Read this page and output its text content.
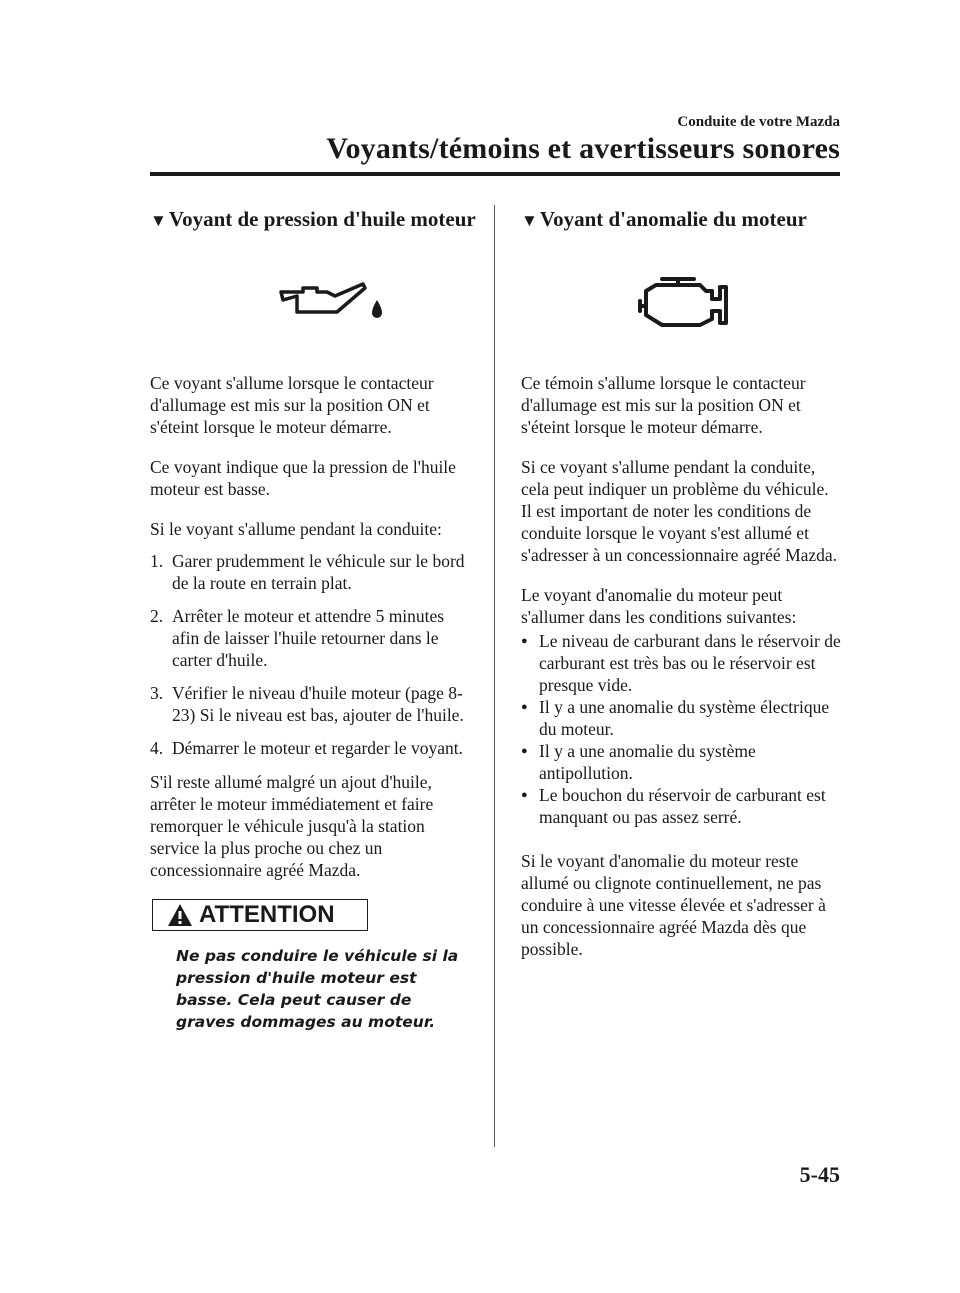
Conduite de votre Mazda
Voyants/témoins et avertisseurs sonores
▼Voyant de pression d'huile moteur

Ce voyant s'allume lorsque le contacteur d'allumage est mis sur la position ON et s'éteint lorsque le moteur démarre.

Ce voyant indique que la pression de l'huile moteur est basse.

Si le voyant s'allume pendant la conduite:

1. Garer prudemment le véhicule sur le bord de la route en terrain plat.
2. Arrêter le moteur et attendre 5 minutes afin de laisser l'huile retourner dans le carter d'huile.
3. Vérifier le niveau d'huile moteur (page 8-23) Si le niveau est bas, ajouter de l'huile.
4. Démarrer le moteur et regarder le voyant.

S'il reste allumé malgré un ajout d'huile, arrêter le moteur immédiatement et faire remorquer le véhicule jusqu'à la station service la plus proche ou chez un concessionnaire agréé Mazda.

ATTENTION
Ne pas conduire le véhicule si la pression d'huile moteur est basse. Cela peut causer de graves dommages au moteur.
▼Voyant d'anomalie du moteur

Ce témoin s'allume lorsque le contacteur d'allumage est mis sur la position ON et s'éteint lorsque le moteur démarre.

Si ce voyant s'allume pendant la conduite, cela peut indiquer un problème du véhicule. Il est important de noter les conditions de conduite lorsque le voyant s'est allumé et s'adresser à un concessionnaire agréé Mazda.

Le voyant d'anomalie du moteur peut s'allumer dans les conditions suivantes:

● Le niveau de carburant dans le réservoir de carburant est très bas ou le réservoir est presque vide.
● Il y a une anomalie du système électrique du moteur.
● Il y a une anomalie du système antipollution.
● Le bouchon du réservoir de carburant est manquant ou pas assez serré.

Si le voyant d'anomalie du moteur reste allumé ou clignote continuellement, ne pas conduire à une vitesse élevée et s'adresser à un concessionnaire agréé Mazda dès que possible.

5-45
